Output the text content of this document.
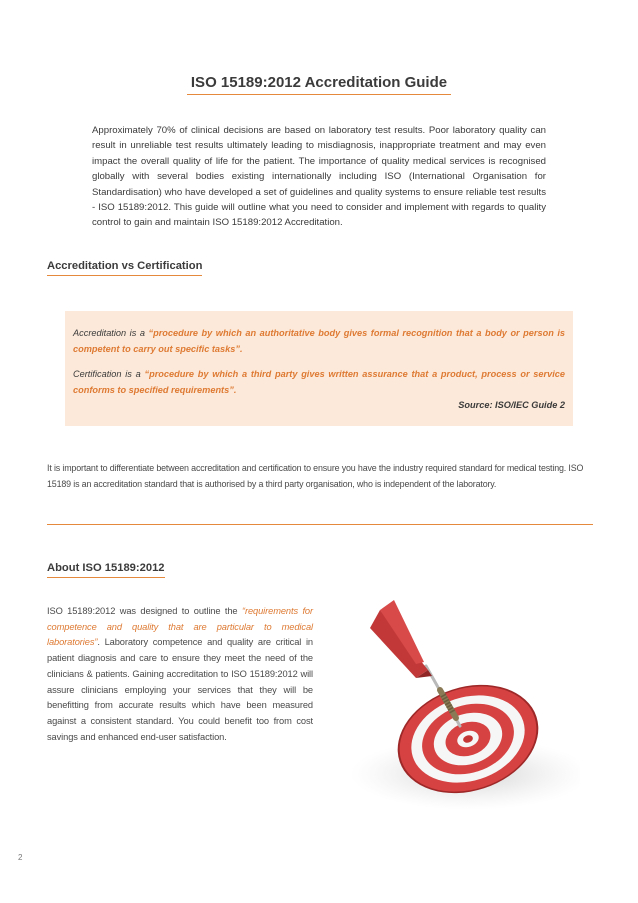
ISO 15189:2012 Accreditation Guide
Approximately 70% of clinical decisions are based on laboratory test results. Poor laboratory quality can result in unreliable test results ultimately leading to misdiagnosis, inappropriate treatment and may even impact the overall quality of life for the patient. The importance of quality medical services is recognised globally with several bodies existing internationally including ISO (International Organisation for Standardisation) who have developed a set of guidelines and quality systems to ensure reliable test results - ISO 15189:2012. This guide will outline what you need to consider and implement with regards to quality control to gain and maintain ISO 15189:2012 Accreditation.
Accreditation vs Certification

Accreditation is a “procedure by which an authoritative body gives formal recognition that a body or person is competent to carry out specific tasks”.

Certification is a “procedure by which a third party gives written assurance that a product, process or service conforms to specified requirements”.

Source: ISO/IEC Guide 2

It is important to differentiate between accreditation and certification to ensure you have the industry required standard for medical testing. ISO 15189 is an accreditation standard that is authorised by a third party organisation, who is independent of the laboratory.
About ISO 15189:2012
ISO 15189:2012 was designed to outline the “requirements for competence and quality that are particular to medical laboratories”. Laboratory competence and quality are critical in patient diagnosis and care to ensure they meet the need of the clinicians & patients. Gaining accreditation to ISO 15189:2012 will assure clinicians employing your services that they will be benefitting from accurate results which have been measured against a consistent standard. You could benefit too from cost savings and enhanced end-user satisfaction.
2
